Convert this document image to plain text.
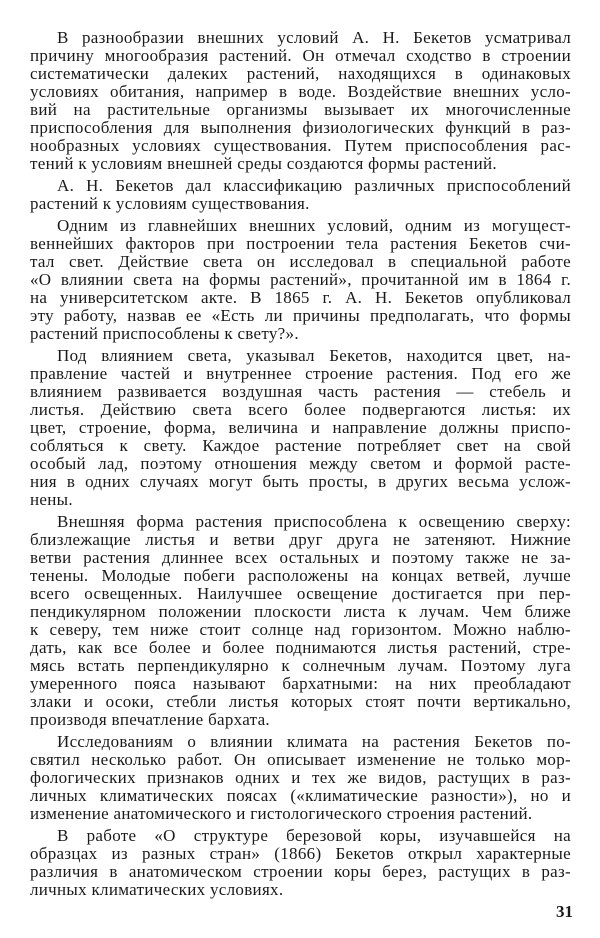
В разнообразии внешних условий А. Н. Бекетов усматривал
причину многообразия растений. Он отмечал сходство в строении
систематически далеких растений, находящихся в одинаковых
условиях обитания, например в воде. Воздействие внешних усло-
вий на растительные организмы вызывает их многочисленные
приспособления для выполнения физиологических функций в раз-
нообразных условиях существования. Путем приспособления рас-
тений к условиям внешней среды создаются формы растений.
А. Н. Бекетов дал классификацию различных приспособлений
растений к условиям существования.
Одним из главнейших внешних условий, одним из могущест-
веннейших факторов при построении тела растения Бекетов счи-
тал свет. Действие света он исследовал в специальной работе
«О влиянии света на формы растений», прочитанной им в 1864 г.
на университетском акте. В 1865 г. А. Н. Бекетов опубликовал
эту работу, назвав ее «Есть ли причины предполагать, что формы
растений приспособлены к свету?».
Под влиянием света, указывал Бекетов, находится цвет, на-
правление частей и внутреннее строение растения. Под его же
влиянием развивается воздушная часть растения — стебель и
листья. Действию света всего более подвергаются листья: их
цвет, строение, форма, величина и направление должны приспо-
собляться к свету. Каждое растение потребляет свет на свой
особый лад, поэтому отношения между светом и формой расте-
ния в одних случаях могут быть просты, в других весьма услож-
нены.
Внешняя форма растения приспособлена к освещению сверху:
близлежащие листья и ветви друг друга не затеняют. Нижние
ветви растения длиннее всех остальных и поэтому также не за-
тенены. Молодые побеги расположены на концах ветвей, лучше
всего освещенных. Наилучшее освещение достигается при пер-
пендикулярном положении плоскости листа к лучам. Чем ближе
к северу, тем ниже стоит солнце над горизонтом. Можно наблю-
дать, как все более и более поднимаются листья растений, стре-
мясь встать перпендикулярно к солнечным лучам. Поэтому луга
умеренного пояса называют бархатными: на них преобладают
злаки и осоки, стебли листья которых стоят почти вертикально,
производя впечатление бархата.
Исследованиям о влиянии климата на растения Бекетов по-
святил несколько работ. Он описывает изменение не только мор-
фологических признаков одних и тех же видов, растущих в раз-
личных климатических поясах («климатические разности»), но и
изменение анатомического и гистологического строения растений.
В работе «О структуре березовой коры, изучавшейся на
образцах из разных стран» (1866) Бекетов открыл характерные
различия в анатомическом строении коры берез, растущих в раз-
личных климатических условиях.
31
